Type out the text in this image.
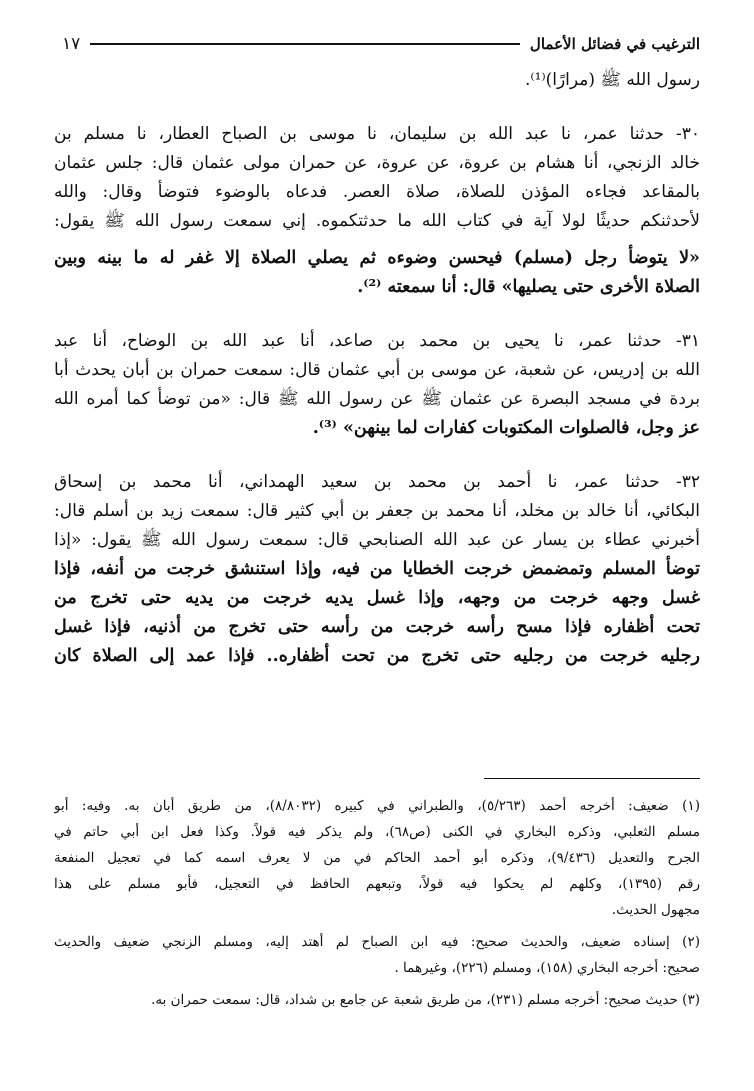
الترغيب في فضائل الأعمال
١٧
رسول الله ﷺ (مرارًا)⁽¹⁾.
٣٠- حدثنا عمر، نا عبد الله بن سليمان، نا موسى بن الصباح العطار، نا مسلم بن
خالد الزنجي، أنا هشام بن عروة، عن عروة، عن حمران مولى عثمان قال: جلس عثمان
بالمقاعد فجاءه المؤذن للصلاة، صلاة العصر. فدعاه بالوضوء فتوضأ وقال: والله
لأحدثنكم حديثًا لولا آية في كتاب الله ما حدثتكموه. إني سمعت رسول الله ﷺ يقول:
«لا يتوضأ رجل (مسلم) فيحسن وضوءه ثم يصلي الصلاة إلا غفر له ما بينه وبين
الصلاة الأخرى حتى يصليها» قال: أنا سمعته ⁽²⁾.
٣١- حدثنا عمر، نا يحيى بن محمد بن صاعد، أنا عبد الله بن الوضاح، أنا عبد
الله بن إدريس، عن شعبة، عن موسى بن أبي عثمان قال: سمعت حمران بن أبان يحدث أبا
بردة في مسجد البصرة عن عثمان ﷺ عن رسول الله ﷺ قال: «من توضأ كما أمره الله
عز وجل، فالصلوات المكتوبات كفارات لما بينهن» ⁽³⁾.
٣٢- حدثنا عمر، نا أحمد بن محمد بن سعيد الهمداني، أنا محمد بن إسحاق
البكائي، أنا خالد بن مخلد، أنا محمد بن جعفر بن أبي كثير قال: سمعت زيد بن أسلم قال:
أخبرني عطاء بن يسار عن عبد الله الصنابحي قال: سمعت رسول الله ﷺ يقول: «إذا
توضأ المسلم وتمضمض خرجت الخطايا من فيه، وإذا استنشق خرجت من أنفه، فإذا
غسل وجهه خرجت من وجهه، وإذا غسل يديه خرجت من يديه حتى تخرج من
تحت أظفاره فإذا مسح رأسه خرجت من رأسه حتى تخرج من أذنيه، فإذا غسل
رجليه خرجت من رجليه حتى تخرج من تحت أظفاره.. فإذا عمد إلى الصلاة كان
(١) ضعيف: أخرجه أحمد (٥/٢٦٣)، والطبراني في كبيره (٨/٨٠٣٢)، من طريق أبان به. وفيه: أبو
مسلم الثعلبي، وذكره البخاري في الكنى (ص٦٨)، ولم يذكر فيه قولاً. وكذا فعل ابن أبي حاتم في
الجرح والتعديل (٩/٤٣٦)، وذكره أبو أحمد الحاكم في من لا يعرف اسمه كما في تعجيل المنفعة
رقم (١٣٩٥)، وكلهم لم يحكوا فيه قولاً، وتبعهم الحافظ في التعجيل، فأبو مسلم على هذا
مجهول الحديث.
(٢) إسناده ضعيف، والحديث صحيح: فيه ابن الصباح لم أهتد إليه، ومسلم الزنجي ضعيف والحديث
صحيح: أخرجه البخاري (١٥٨)، ومسلم (٢٢٦)، وغيرهما .
(٣) حديث صحيح: أخرجه مسلم (٢٣١)، من طريق شعبة عن جامع بن شداد، قال: سمعت حمران به.
